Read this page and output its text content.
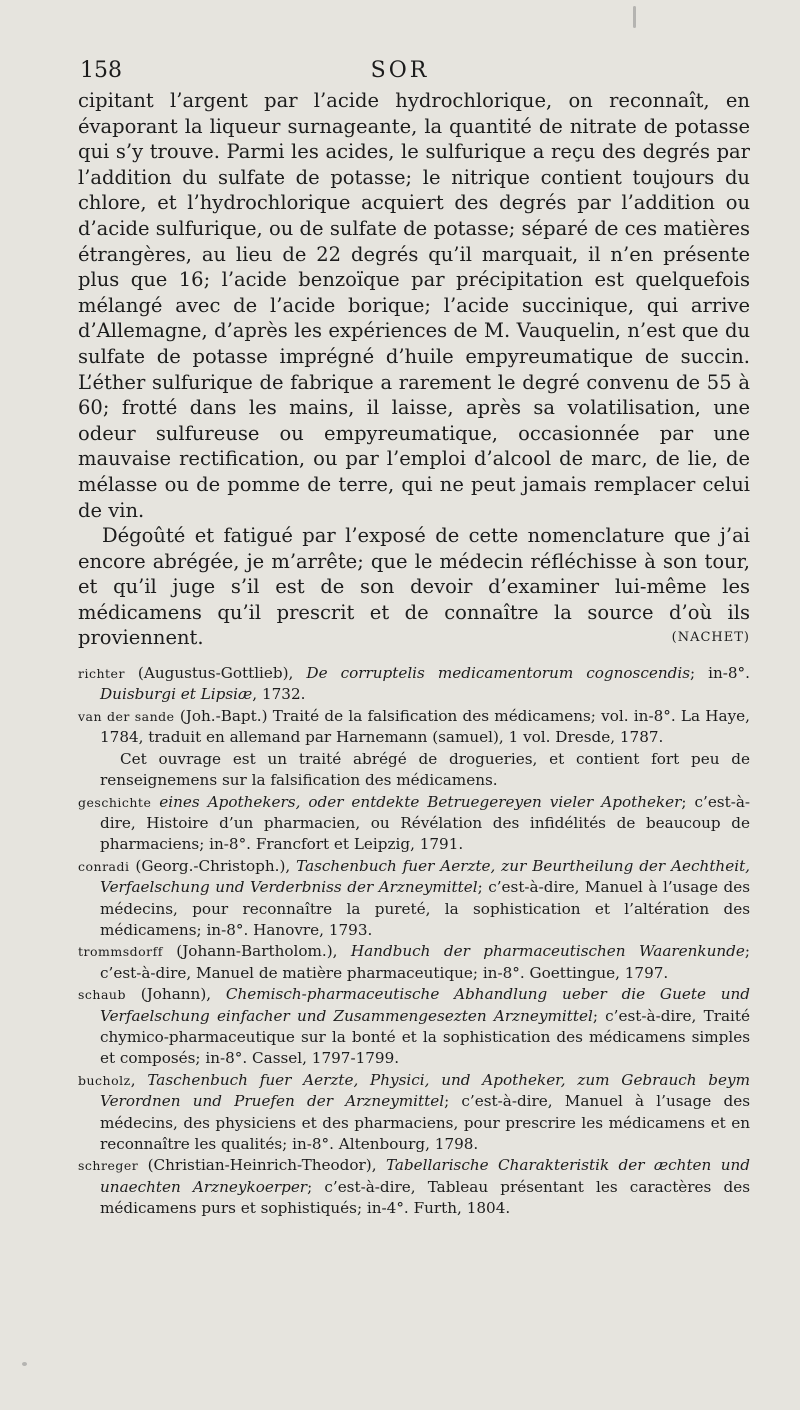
158	SOR

cipitant l’argent par l’acide hydrochlorique, on reconnaît, en évaporant la liqueur surnageante, la quantité de nitrate de potasse qui s’y trouve. Parmi les acides, le sulfurique a reçu des degrés par l’addition du sulfate de potasse; le nitrique contient toujours du chlore, et l’hydrochlorique acquiert des degrés par l’addition ou d’acide sulfurique, ou de sulfate de potasse; séparé de ces matières étrangères, au lieu de 22 degrés qu’il marquait, il n’en présente plus que 16; l’acide benzoïque par précipitation est quelquefois mélangé avec de l’acide borique; l’acide succinique, qui arrive d’Allemagne, d’après les expériences de M. Vauquelin, n’est que du sulfate de potasse imprégné d’huile empyreumatique de succin. L’éther sulfurique de fabrique a rarement le degré convenu de 55 à 60; frotté dans les mains, il laisse, après sa volatilisation, une odeur sulfureuse ou empyreumatique, occasionnée par une mauvaise rectification, ou par l’emploi d’alcool de marc, de lie, de mélasse ou de pomme de terre, qui ne peut jamais remplacer celui de vin.

Dégoûté et fatigué par l’exposé de cette nomenclature que j’ai encore abrégée, je m’arrête; que le médecin réfléchisse à son tour, et qu’il juge s’il est de son devoir d’examiner lui-même les médicamens qu’il prescrit et de connaître la source d’où ils proviennent.	(NACHET)

richter (Augustus-Gottlieb), De corruptelis medicamentorum cognoscendis; in-8°. Duisburgi et Lipsiæ, 1732.

van der sande (Joh.-Bapt.) Traité de la falsification des médicamens; vol. in-8°. La Haye, 1784, traduit en allemand par Harnemann (samuel), 1 vol. Dresde, 1787.

Cet ouvrage est un traité abrégé de drogueries, et contient fort peu de renseignemens sur la falsification des médicamens.

geschichte eines Apothekers, oder entdekte Betruegereyen vieler Apotheker; c’est-à-dire, Histoire d’un pharmacien, ou Révélation des infidélités de beaucoup de pharmaciens; in-8°. Francfort et Leipzig, 1791.

conradi (Georg.-Christoph.), Taschenbuch fuer Aerzte, zur Beurtheilung der Aechtheit, Verfaelschung und Verderbniss der Arzneymittel; c’est-à-dire, Manuel à l’usage des médecins, pour reconnaître la pureté, la sophistication et l’altération des médicamens; in-8°. Hanovre, 1793.

trommsdorff (Johann-Bartholom.), Handbuch der pharmaceutischen Waarenkunde; c’est-à-dire, Manuel de matière pharmaceutique; in-8°. Goettingue, 1797.

schaub (Johann), Chemisch-pharmaceutische Abhandlung ueber die Guete und Verfaelschung einfacher und Zusammengesezten Arzneymittel; c’est-à-dire, Traité chymico-pharmaceutique sur la bonté et la sophistication des médicamens simples et composés; in-8°. Cassel, 1797-1799.

bucholz, Taschenbuch fuer Aerzte, Physici, und Apotheker, zum Gebrauch beym Verordnen und Pruefen der Arzneymittel; c’est-à-dire, Manuel à l’usage des médecins, des physiciens et des pharmaciens, pour prescrire les médicamens et en reconnaître les qualités; in-8°. Altenbourg, 1798.

schreger (Christian-Heinrich-Theodor), Tabellarische Charakteristik der æchten und unaechten Arzneykoerper; c’est-à-dire, Tableau présentant les caractères des médicamens purs et sophistiqués; in-4°. Furth, 1804.
